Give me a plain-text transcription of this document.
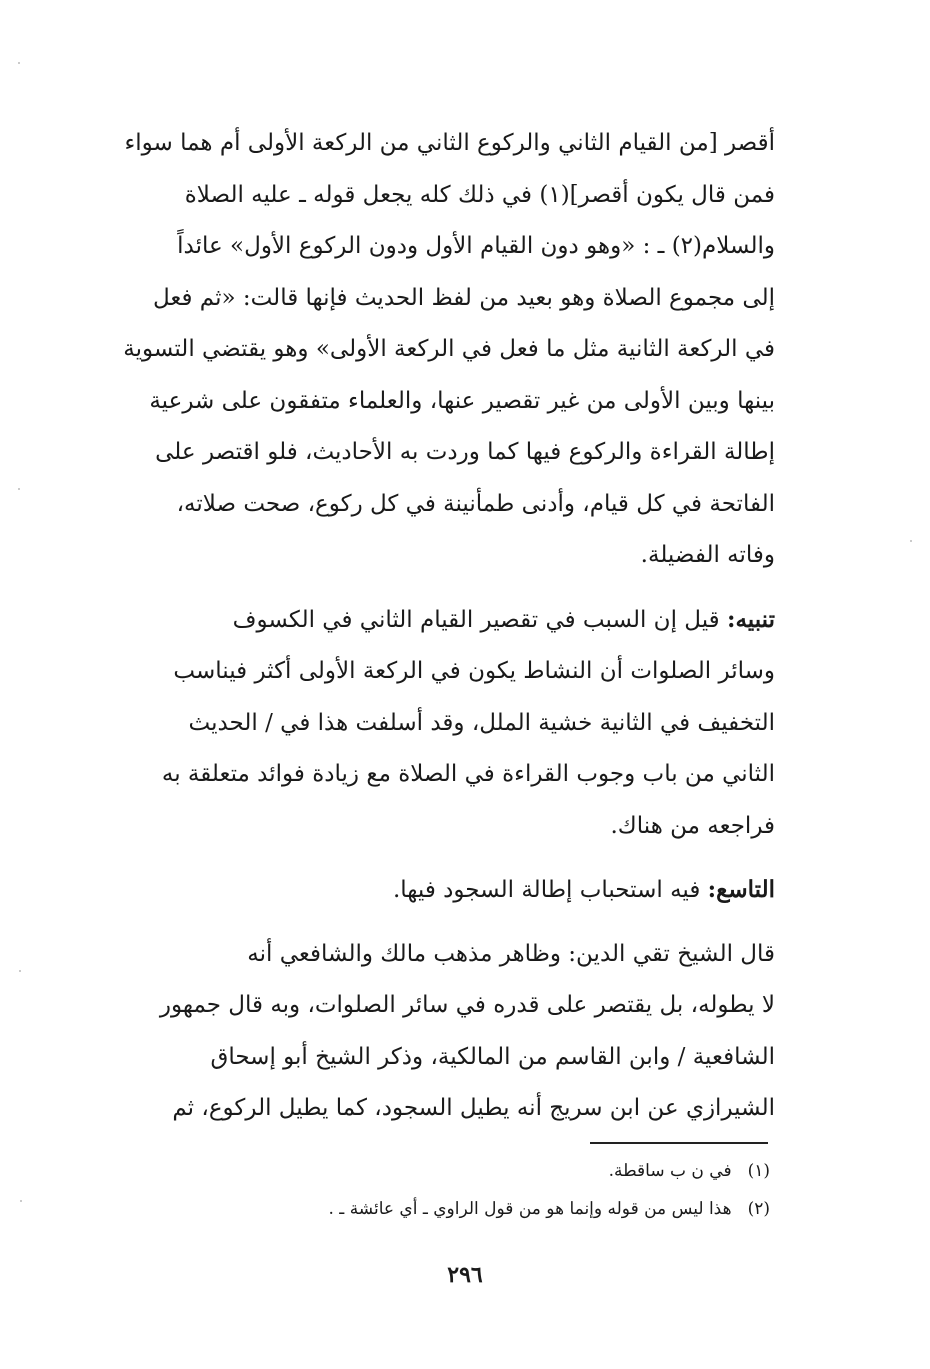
أقصر [من القيام الثاني والركوع الثاني من الركعة الأولى أم هما سواء
فمن قال يكون أقصر](١) في ذلك كله يجعل قوله ـ عليه الصلاة
والسلام(٢) ـ : «وهو دون القيام الأول ودون الركوع الأول» عائداً
إلى مجموع الصلاة وهو بعيد من لفظ الحديث فإنها قالت: «ثم فعل
في الركعة الثانية مثل ما فعل في الركعة الأولى» وهو يقتضي التسوية
بينها وبين الأولى من غير تقصير عنها، والعلماء متفقون على شرعية
إطالة القراءة والركوع فيها كما وردت به الأحاديث، فلو اقتصر على
الفاتحة في كل قيام، وأدنى طمأنينة في كل ركوع، صحت صلاته،
وفاته الفضيلة.

تنبيه: قيل إن السبب في تقصير القيام الثاني في الكسوف
وسائر الصلوات أن النشاط يكون في الركعة الأولى أكثر فيناسب
التخفيف في الثانية خشية الملل، وقد أسلفت هذا في / الحديث
الثاني من باب وجوب القراءة في الصلاة مع زيادة فوائد متعلقة به
فراجعه من هناك.

التاسع: فيه استحباب إطالة السجود فيها.

قال الشيخ تقي الدين: وظاهر مذهب مالك والشافعي أنه
لا يطوله، بل يقتصر على قدره في سائر الصلوات، وبه قال جمهور
الشافعية / وابن القاسم من المالكية، وذكر الشيخ أبو إسحاق
الشيرازي عن ابن سريج أنه يطيل السجود، كما يطيل الركوع، ثم

(١)في ن ب ساقطة.
(٢)هذا ليس من قوله وإنما هو من قول الراوي ـ أي عائشة ـ .
٢٩٦
